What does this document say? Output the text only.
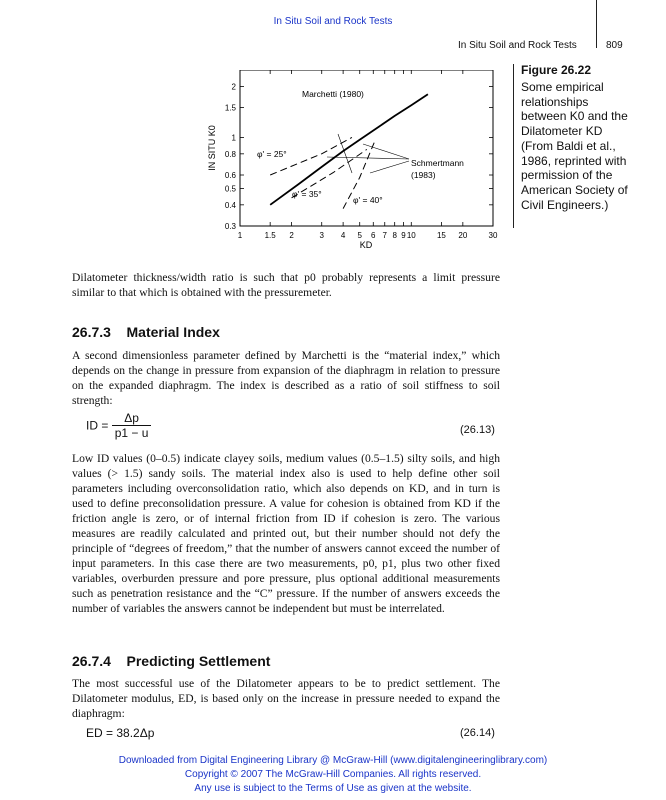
In Situ Soil and Rock Tests
In Situ Soil and Rock Tests	809
0.3
0.4
0.5
0.6
0.8
1
1.5
2
1	1.5 2	3 4 5 6 7 8 9 10	15 20	30
Marchetti (1980)
φ' = 25°
φ' = 35°
φ' = 40°
Schmertmann
(1983)
KD
IN SITU K0
Figure 26.22
Some empirical relationships between K0 and the Dilatometer KD (From Baldi et al., 1986, reprinted with permission of the American Society of Civil Engineers.)
Dilatometer thickness/width ratio is such that p0 probably represents a limit pressure similar to that which is obtained with the pressuremeter.
26.7.3 Material Index
A second dimensionless parameter defined by Marchetti is the “material index,” which depends on the change in pressure from expansion of the diaphragm in relation to pressure on the expanded diaphragm. The index is described as a ratio of soil stiffness to soil strength:
ID = $\frac{\Delta p}{p1 - u}$	(26.13)
Low ID values (0–0.5) indicate clayey soils, medium values (0.5–1.5) silty soils, and high values (> 1.5) sandy soils. The material index also is used to help define other soil parameters including overconsolidation ratio, which also depends on KD, and in turn is used to define preconsolidation pressure. A value for cohesion is obtained from KD if the friction angle is zero, or of internal friction from ID if cohesion is zero. The various measures are readily calculated and printed out, but their number should not defy the principle of “degrees of freedom,” that the number of answers cannot exceed the number of input parameters. In this case there are two measurements, p0, p1, plus two other fixed variables, overburden pressure and pore pressure, plus optional additional measurements such as penetration resistance and the “C” pressure. If the number of answers exceeds the number of variables the answers cannot be independent but must be interrelated.
26.7.4 Predicting Settlement
The most successful use of the Dilatometer appears to be to predict settlement. The Dilatometer modulus, ED, is based only on the increase in pressure needed to expand the diaphragm:
ED = 38.2Δp	(26.14)
Downloaded from Digital Engineering Library @ McGraw-Hill (www.digitalengineeringlibrary.com)
Copyright © 2007 The McGraw-Hill Companies. All rights reserved.
Any use is subject to the Terms of Use as given at the website.
